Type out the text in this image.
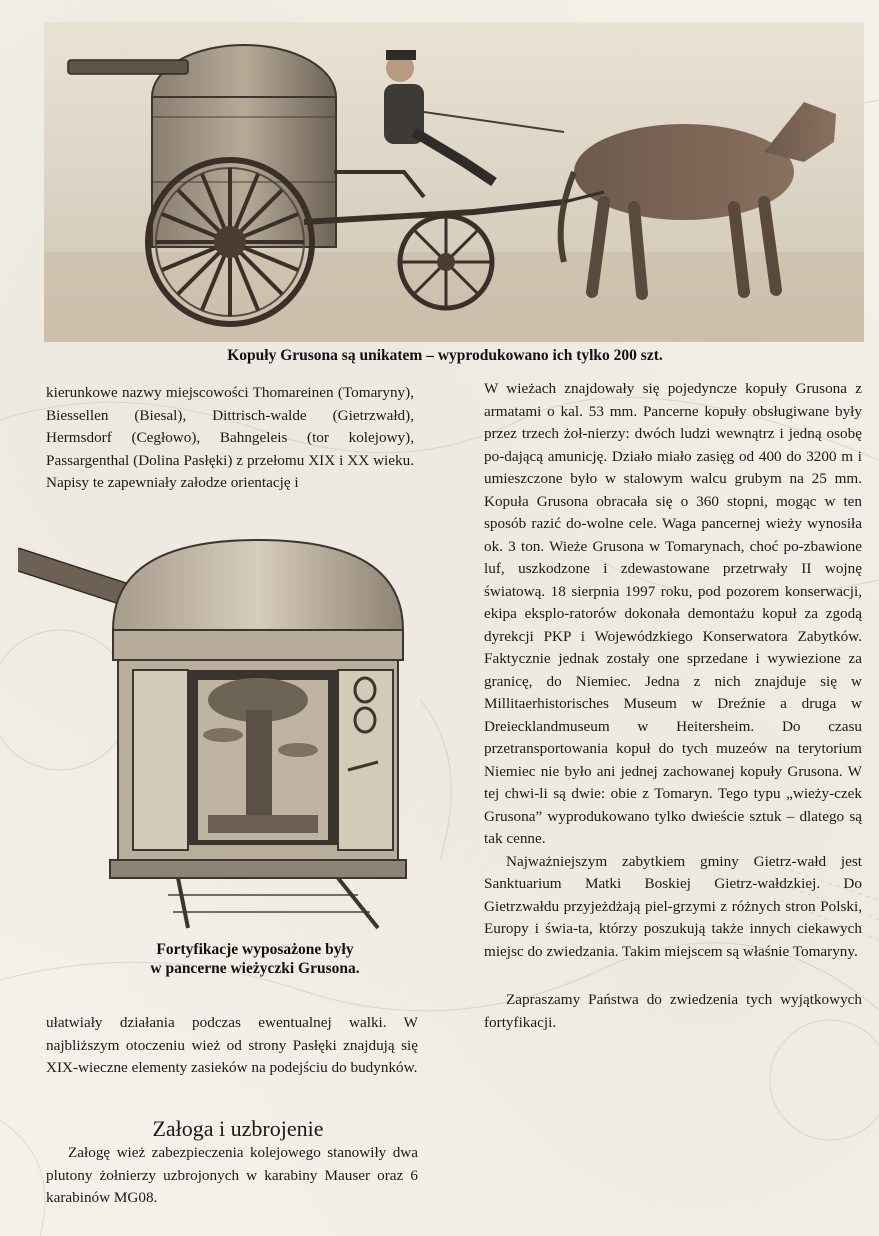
Kopuły Grusona są unikatem – wyprodukowano ich tylko 200 szt.

kierunkowe nazwy miejscowości Thomareinen (Tomaryny), Biessellen (Biesal), Dittrisch-walde (Gietrzwałd), Hermsdorf (Cegłowo), Bahngeleis (tor kolejowy), Passargenthal (Dolina Pasłęki) z przełomu XIX i XX wieku. Napisy te zapewniały załodze orientację i

Fortyfikacje wyposażone były
w pancerne wieżyczki Grusona.

ułatwiały działania podczas ewentualnej walki. W najbliższym otoczeniu wież od strony Pasłęki znajdują się XIX-wieczne elementy zasieków na podejściu do budynków.

Załoga i uzbrojenie

Załogę wież zabezpieczenia kolejowego stanowiły dwa plutony żołnierzy uzbrojonych w karabiny Mauser oraz 6 karabinów MG08.

W wieżach znajdowały się pojedyncze kopuły Grusona z armatami o kal. 53 mm. Pancerne kopuły obsługiwane były przez trzech żoł-nierzy: dwóch ludzi wewnątrz i jedną osobę po-dającą amunicję. Działo miało zasięg od 400 do 3200 m i umieszczone było w stalowym walcu grubym na 25 mm. Kopuła Grusona obracała się o 360 stopni, mogąc w ten sposób razić do-wolne cele. Waga pancernej wieży wynosiła ok. 3 ton. Wieże Grusona w Tomarynach, choć po-zbawione luf, uszkodzone i zdewastowane przetrwały II wojnę światową. 18 sierpnia 1997 roku, pod pozorem konserwacji, ekipa eksplo-ratorów dokonała demontażu kopuł za zgodą dyrekcji PKP i Wojewódzkiego Konserwatora Zabytków. Faktycznie jednak zostały one sprzedane i wywiezione za granicę, do Niemiec. Jedna z nich znajduje się w Millitaerhistorisches Museum w Dreźnie a druga w Dreiecklandmuseum w Heitersheim. Do czasu przetransportowania kopuł do tych muzeów na terytorium Niemiec nie było ani jednej zachowanej kopuły Grusona. W tej chwi-li są dwie: obie z Tomaryn. Tego typu „wieży-czek Grusona” wyprodukowano tylko dwieście sztuk – dlatego są tak cenne.

Najważniejszym zabytkiem gminy Gietrz-wałd jest Sanktuarium Matki Boskiej Gietrz-wałdzkiej. Do Gietrzwałdu przyjeżdżają piel-grzymi z różnych stron Polski, Europy i świa-ta, którzy poszukują także innych ciekawych miejsc do zwiedzania. Takim miejscem są właśnie Tomaryny.

Zapraszamy Państwa do zwiedzenia tych wyjątkowych fortyfikacji.
